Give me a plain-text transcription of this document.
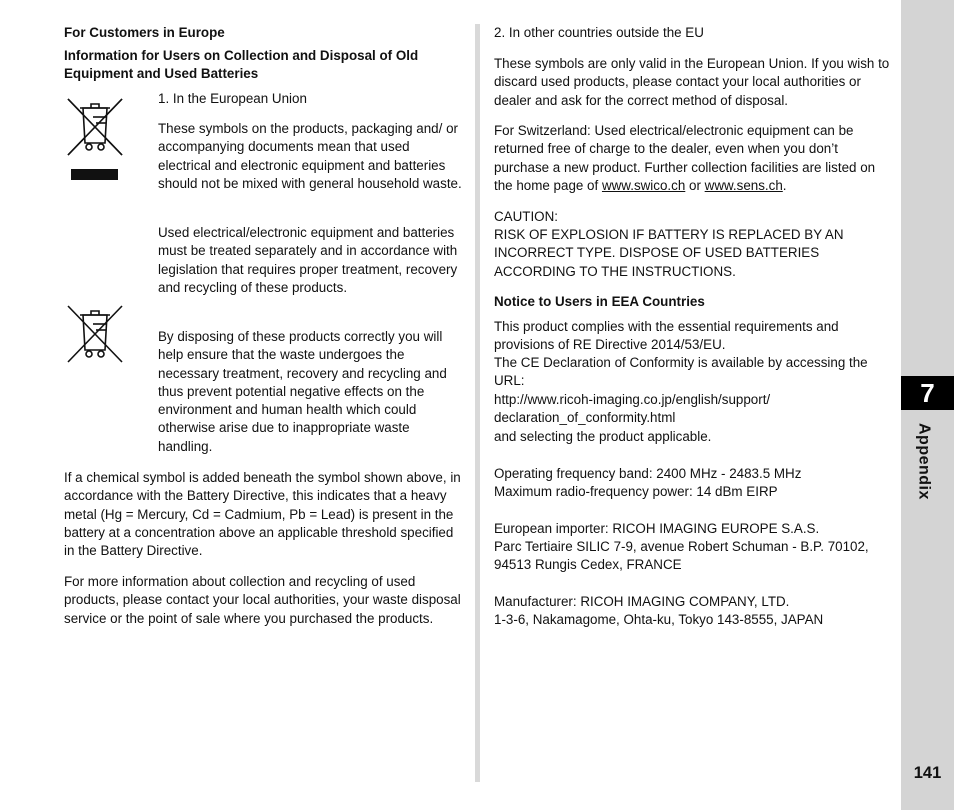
For Customers in Europe

Information for Users on Collection and Disposal of Old

Equipment and Used Batteries

1. In the European Union

These symbols on the products, packaging and/ or accompanying documents mean that used electrical and electronic equipment and batteries should not be mixed with general household waste.

Used electrical/electronic equipment and batteries must be treated separately and in accordance with legislation that requires proper treatment, recovery and recycling of these products.

By disposing of these products correctly you will help ensure that the waste undergoes the necessary treatment, recovery and recycling and thus prevent potential negative effects on the environment and human health which could otherwise arise due to inappropriate waste handling.

If a chemical symbol is added beneath the symbol shown above, in accordance with the Battery Directive, this indicates that a heavy metal (Hg = Mercury, Cd = Cadmium, Pb = Lead) is present in the battery at a concentration above an applicable threshold specified in the Battery Directive.

For more information about collection and recycling of used products, please contact your local authorities, your waste disposal service or the point of sale where you purchased the products.

2. In other countries outside the EU

These symbols are only valid in the European Union. If you wish to discard used products, please contact your local authorities or dealer and ask for the correct method of disposal.

For Switzerland: Used electrical/electronic equipment can be returned free of charge to the dealer, even when you don’t purchase a new product. Further collection facilities are listed on the home page of www.swico.ch or www.sens.ch.

CAUTION:

RISK OF EXPLOSION IF BATTERY IS REPLACED BY AN INCORRECT TYPE. DISPOSE OF USED BATTERIES ACCORDING TO THE INSTRUCTIONS.

Notice to Users in EEA Countries

This product complies with the essential requirements and provisions of RE Directive 2014/53/EU.

The CE Declaration of Conformity is available by accessing the URL:

http://www.ricoh-imaging.co.jp/english/support/

declaration_of_conformity.html

and selecting the product applicable.

Operating frequency band: 2400 MHz - 2483.5 MHz

Maximum radio-frequency power: 14 dBm EIRP

European importer: RICOH IMAGING EUROPE S.A.S.

Parc Tertiaire SILIC 7-9, avenue Robert Schuman - B.P. 70102,

94513 Rungis Cedex, FRANCE

Manufacturer: RICOH IMAGING COMPANY, LTD.

1-3-6, Nakamagome, Ohta-ku, Tokyo 143-8555, JAPAN

7
Appendix
141
